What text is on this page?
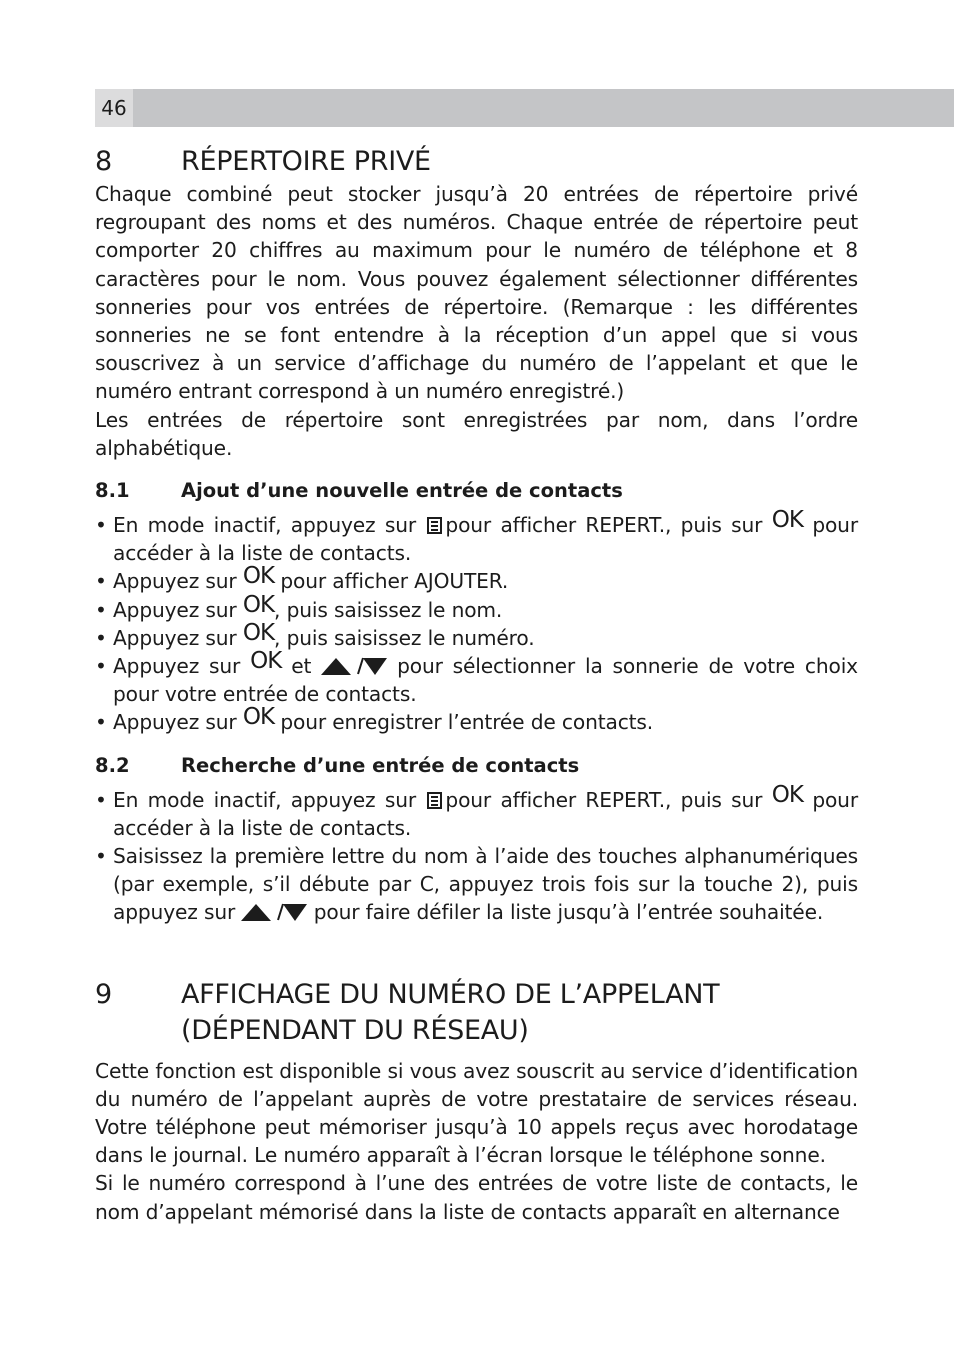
46
8	RÉPERTOIRE PRIVÉ

Chaque combiné peut stocker jusqu’à 20 entrées de répertoire privé regroupant des noms et des numéros. Chaque entrée de répertoire peut comporter 20 chiffres au maximum pour le numéro de téléphone et 8 caractères pour le nom. Vous pouvez également sélectionner différentes sonneries pour vos entrées de répertoire. (Remarque : les différentes sonneries ne se font entendre à la réception d’un appel que si vous souscrivez à un service d’affichage du numéro de l’appelant et que le numéro entrant correspond à un numéro enregistré.)

Les entrées de répertoire sont enregistrées par nom, dans l’ordre alphabétique.

8.1	Ajout d’une nouvelle entrée de contacts
• En mode inactif, appuyez sur pour afficher REPERT., puis sur OK pour accéder à la liste de contacts.
• Appuyez sur OK pour afficher AJOUTER.
• Appuyez sur OK, puis saisissez le nom.
• Appuyez sur OK, puis saisissez le numéro.
• Appuyez sur OK et	pour sélectionner la sonnerie de votre choix pour votre entrée de contacts.
• Appuyez sur OK pour enregistrer l’entrée de contacts.
8.2	Recherche d’une entrée de contacts
• En mode inactif, appuyez sur pour afficher REPERT., puis sur OK pour accéder à la liste de contacts.
• Saisissez la première lettre du nom à l’aide des touches alphanumériques (par exemple, s’il débute par C, appuyez trois fois sur la touche 2), puis appuyez sur	pour faire défiler la liste jusqu’à l’entrée souhaitée.
9	AFFICHAGE DU NUMÉRO DE L’APPELANT
(DÉPENDANT DU RÉSEAU)

Cette fonction est disponible si vous avez souscrit au service d’identification du numéro de l’appelant auprès de votre prestataire de services réseau. Votre téléphone peut mémoriser jusqu’à 10 appels reçus avec horodatage dans le journal. Le numéro apparaît à l’écran lorsque le téléphone sonne.

Si le numéro correspond à l’une des entrées de votre liste de contacts, le nom d’appelant mémorisé dans la liste de contacts apparaît en alternance
